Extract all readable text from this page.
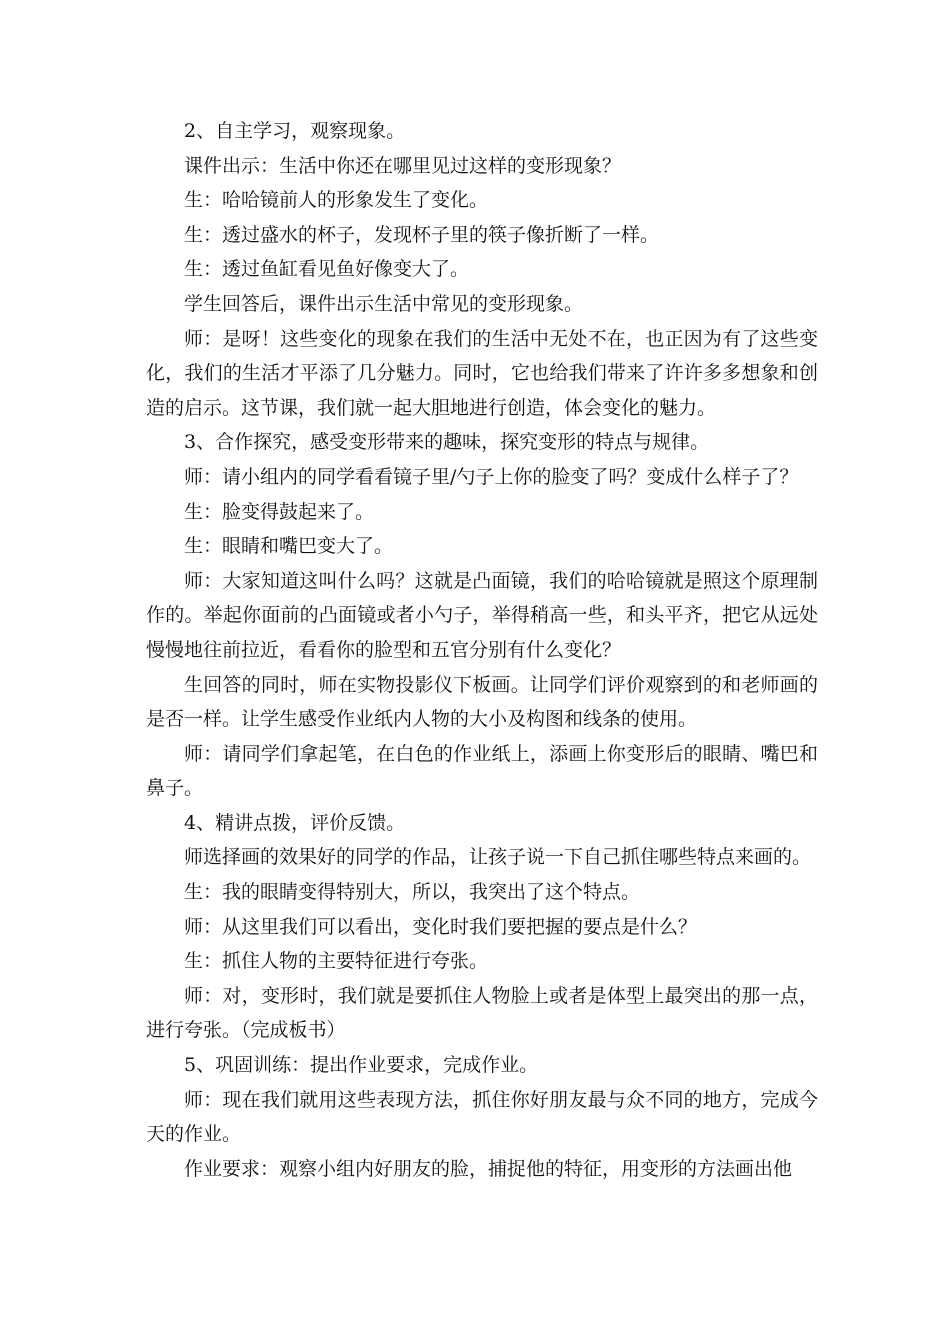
2、自主学习，观察现象。

课件出示：生活中你还在哪里见过这样的变形现象？

生：哈哈镜前人的形象发生了变化。

生：透过盛水的杯子，发现杯子里的筷子像折断了一样。

生：透过鱼缸看见鱼好像变大了。

学生回答后，课件出示生活中常见的变形现象。

师：是呀！这些变化的现象在我们的生活中无处不在，也正因为有了这些变化，我们的生活才平添了几分魅力。同时，它也给我们带来了许许多多想象和创造的启示。这节课，我们就一起大胆地进行创造，体会变化的魅力。

3、合作探究，感受变形带来的趣味，探究变形的特点与规律。

师：请小组内的同学看看镜子里/勺子上你的脸变了吗？变成什么样子了？

生：脸变得鼓起来了。

生：眼睛和嘴巴变大了。

师：大家知道这叫什么吗？这就是凸面镜，我们的哈哈镜就是照这个原理制作的。举起你面前的凸面镜或者小勺子，举得稍高一些，和头平齐，把它从远处慢慢地往前拉近，看看你的脸型和五官分别有什么变化？

生回答的同时，师在实物投影仪下板画。让同学们评价观察到的和老师画的是否一样。让学生感受作业纸内人物的大小及构图和线条的使用。

师：请同学们拿起笔，在白色的作业纸上，添画上你变形后的眼睛、嘴巴和鼻子。

4、精讲点拨，评价反馈。

师选择画的效果好的同学的作品，让孩子说一下自己抓住哪些特点来画的。

生：我的眼睛变得特别大，所以，我突出了这个特点。

师：从这里我们可以看出，变化时我们要把握的要点是什么？

生：抓住人物的主要特征进行夸张。

师：对，变形时，我们就是要抓住人物脸上或者是体型上最突出的那一点，进行夸张。（完成板书）

5、巩固训练：提出作业要求，完成作业。

师：现在我们就用这些表现方法，抓住你好朋友最与众不同的地方，完成今天的作业。

作业要求：观察小组内好朋友的脸，捕捉他的特征，用变形的方法画出他
